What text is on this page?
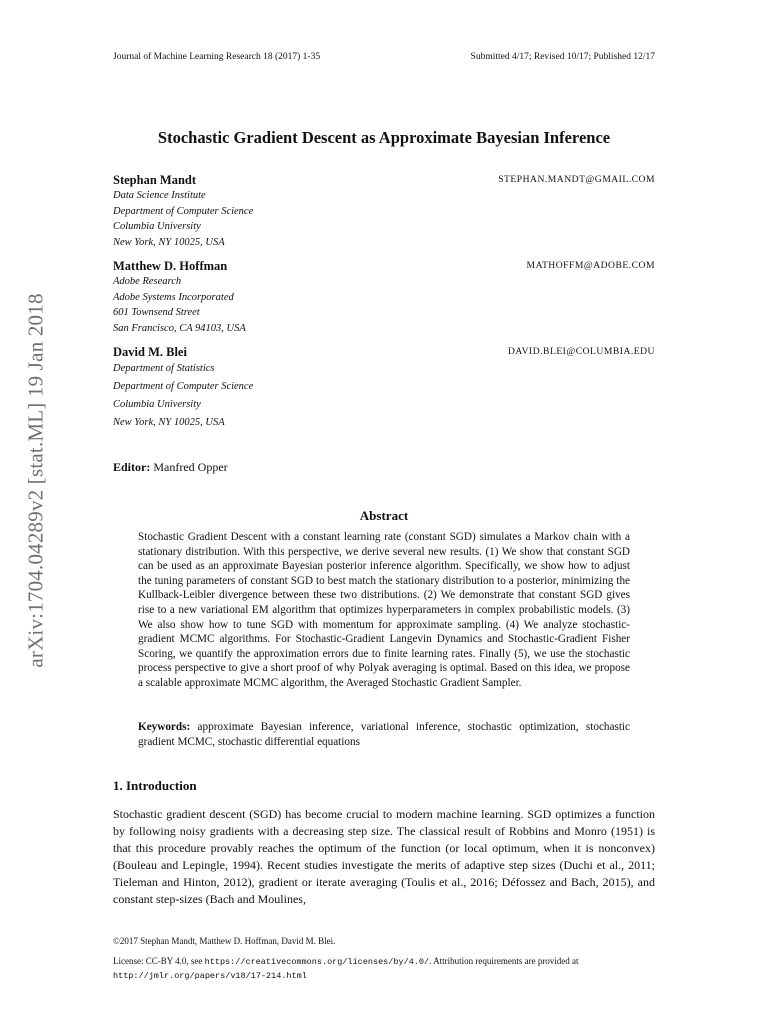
Journal of Machine Learning Research 18 (2017) 1-35	Submitted 4/17; Revised 10/17; Published 12/17
arXiv:1704.04289v2 [stat.ML] 19 Jan 2018
Stochastic Gradient Descent as Approximate Bayesian Inference
Stephan Mandt	STEPHAN.MANDT@GMAIL.COM
Data Science Institute
Department of Computer Science
Columbia University
New York, NY 10025, USA
Matthew D. Hoffman	MATHOFFM@ADOBE.COM
Adobe Research
Adobe Systems Incorporated
601 Townsend Street
San Francisco, CA 94103, USA
David M. Blei	DAVID.BLEI@COLUMBIA.EDU
Department of Statistics
Department of Computer Science
Columbia University
New York, NY 10025, USA
Editor: Manfred Opper
Abstract
Stochastic Gradient Descent with a constant learning rate (constant SGD) simulates a Markov chain with a stationary distribution. With this perspective, we derive several new results. (1) We show that constant SGD can be used as an approximate Bayesian posterior inference algorithm. Specifically, we show how to adjust the tuning parameters of constant SGD to best match the stationary distribution to a posterior, minimizing the Kullback-Leibler divergence between these two distributions. (2) We demonstrate that constant SGD gives rise to a new variational EM algorithm that optimizes hyperparameters in complex probabilistic models. (3) We also show how to tune SGD with momentum for approximate sampling. (4) We analyze stochastic-gradient MCMC algorithms. For Stochastic-Gradient Langevin Dynamics and Stochastic-Gradient Fisher Scoring, we quantify the approximation errors due to finite learning rates. Finally (5), we use the stochastic process perspective to give a short proof of why Polyak averaging is optimal. Based on this idea, we propose a scalable approximate MCMC algorithm, the Averaged Stochastic Gradient Sampler.
Keywords: approximate Bayesian inference, variational inference, stochastic optimization, stochastic gradient MCMC, stochastic differential equations
1. Introduction
Stochastic gradient descent (SGD) has become crucial to modern machine learning. SGD optimizes a function by following noisy gradients with a decreasing step size. The classical result of Robbins and Monro (1951) is that this procedure provably reaches the optimum of the function (or local optimum, when it is nonconvex) (Bouleau and Lepingle, 1994). Recent studies investigate the merits of adaptive step sizes (Duchi et al., 2011; Tieleman and Hinton, 2012), gradient or iterate averaging (Toulis et al., 2016; Défossez and Bach, 2015), and constant step-sizes (Bach and Moulines,
©2017 Stephan Mandt, Matthew D. Hoffman, David M. Blei.
License: CC-BY 4.0, see https://creativecommons.org/licenses/by/4.0/. Attribution requirements are provided at
http://jmlr.org/papers/v18/17-214.html
